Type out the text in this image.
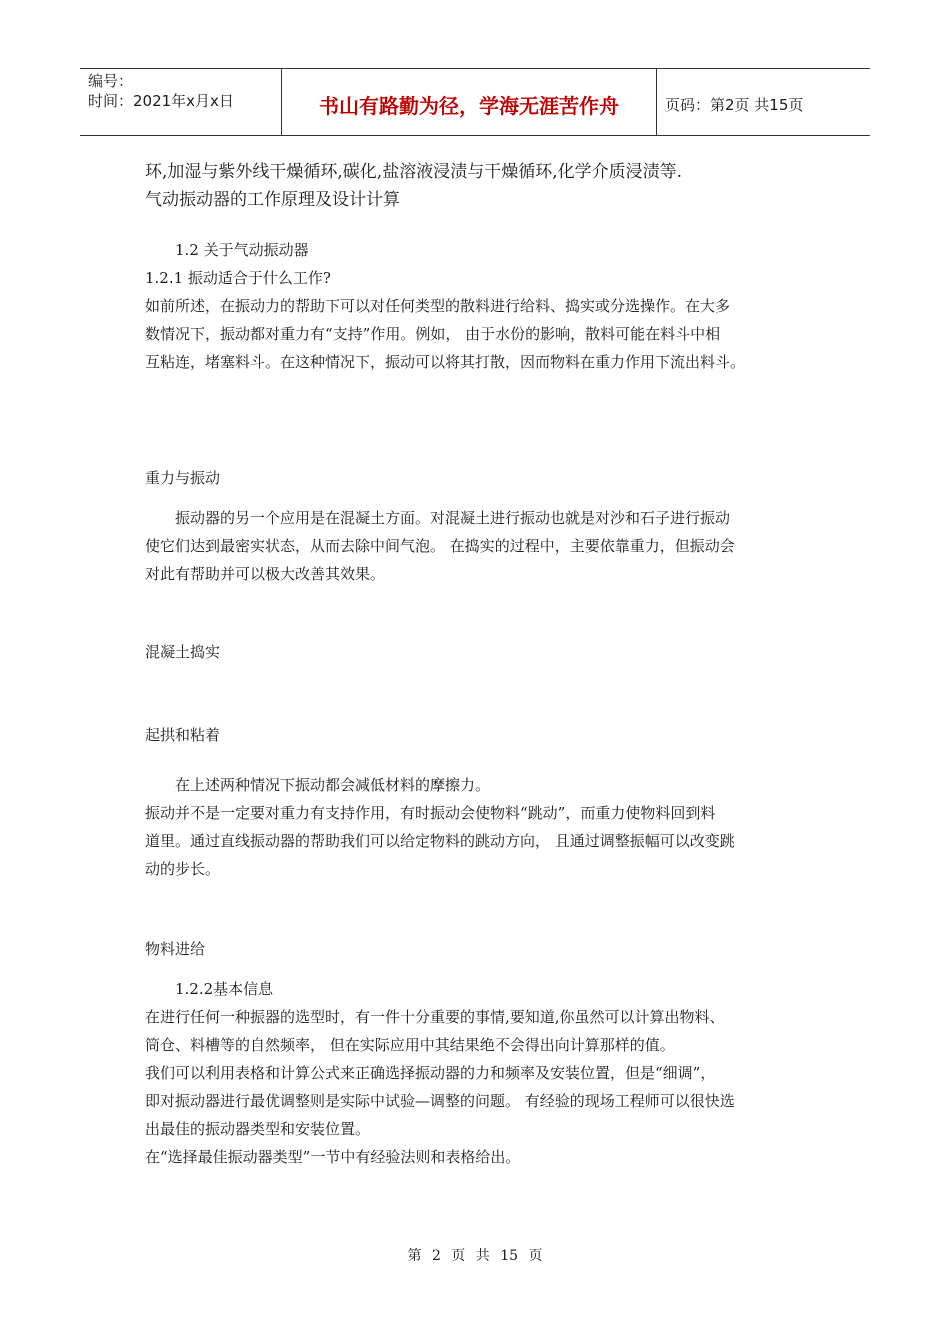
编号：
时间：2021年x月x日	书山有路勤为径，学海无涯苦作舟	页码：第2页 共15页
环,加湿与紫外线干燥循环,碳化,盐溶液浸渍与干燥循环,化学介质浸渍等.
气动振动器的工作原理及设计计算
1.2 关于气动振动器
1.2.1 振动适合于什么工作?
如前所述，在振动力的帮助下可以对任何类型的散料进行给料、捣实或分选操作。在大多
数情况下，振动都对重力有“支持”作用。例如， 由于水份的影响，散料可能在料斗中相
互粘连，堵塞料斗。在这种情况下，振动可以将其打散，因而物料在重力作用下流出料斗。
重力与振动
振动器的另一个应用是在混凝土方面。对混凝土进行振动也就是对沙和石子进行振动
使它们达到最密实状态，从而去除中间气泡。 在捣实的过程中，主要依靠重力，但振动会
对此有帮助并可以极大改善其效果。
混凝土捣实
起拱和粘着
在上述两种情况下振动都会减低材料的摩擦力。
振动并不是一定要对重力有支持作用，有时振动会使物料“跳动”，而重力使物料回到料
道里。通过直线振动器的帮助我们可以给定物料的跳动方向， 且通过调整振幅可以改变跳
动的步长。
物料进给
1.2.2基本信息
在进行任何一种振器的选型时，有一件十分重要的事情,要知道,你虽然可以计算出物料、
筒仓、料槽等的自然频率， 但在实际应用中其结果绝不会得出向计算那样的值。
我们可以利用表格和计算公式来正确选择振动器的力和频率及安装位置，但是“细调”，
即对振动器进行最优调整则是实际中试验—调整的问题。 有经验的现场工程师可以很快选
出最佳的振动器类型和安装位置。
在“选择最佳振动器类型”一节中有经验法则和表格给出。
第 2 页 共 15 页
